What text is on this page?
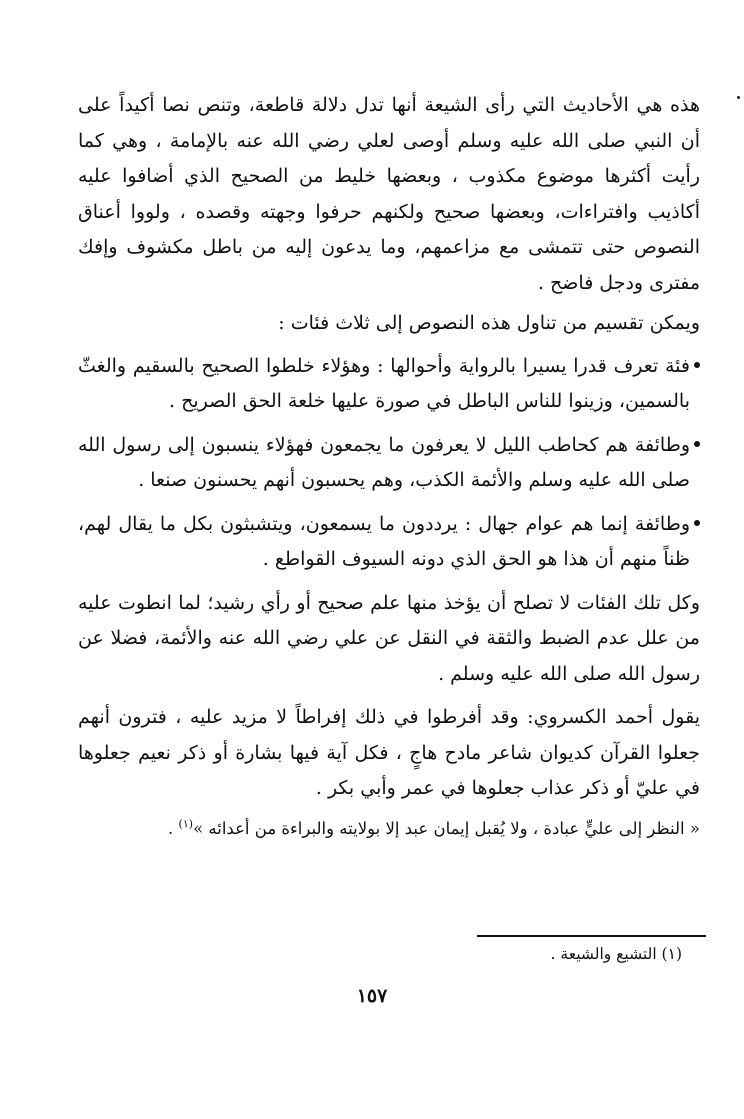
هذه هي الأحاديث التي رأى الشيعة أنها تدل دلالة قاطعة، وتنص نصا أكيداً على أن النبي صلى الله عليه وسلم أوصى لعلي رضي الله عنه بالإمامة ، وهي كما رأيت أكثرها موضوع مكذوب ، وبعضها خليط من الصحيح الذي أضافوا عليه أكاذيب وافتراءات، وبعضها صحيح ولكنهم حرفوا وجهته وقصده ، ولووا أعناق النصوص حتى تتمشى مع مزاعمهم، وما يدعون إليه من باطل مكشوف وإفك مفترى ودجل فاضح .

ويمكن تقسيم من تناول هذه النصوص إلى ثلاث فئات :

فئة تعرف قدرا يسيرا بالرواية وأحوالها : وهؤلاء خلطوا الصحيح بالسقيم والغثّ بالسمين، وزينوا للناس الباطل في صورة عليها خلعة الحق الصريح .

وطائفة هم كحاطب الليل لا يعرفون ما يجمعون فهؤلاء ينسبون إلى رسول الله صلى الله عليه وسلم والأئمة الكذب، وهم يحسبون أنهم يحسنون صنعا .

وطائفة إنما هم عوام جهال : يرددون ما يسمعون، ويتشبثون بكل ما يقال لهم، ظناً منهم أن هذا هو الحق الذي دونه السيوف القواطع .

وكل تلك الفئات لا تصلح أن يؤخذ منها علم صحيح أو رأي رشيد؛ لما انطوت عليه من علل عدم الضبط والثقة في النقل عن علي رضي الله عنه والأئمة، فضلا عن رسول الله صلى الله عليه وسلم .

يقول أحمد الكسروي: وقد أفرطوا في ذلك إفراطاً لا مزيد عليه ، فترون أنهم جعلوا القرآن كديوان شاعر مادح هاجٍ ، فكل آية فيها بشارة أو ذكر نعيم جعلوها في عليّ أو ذكر عذاب جعلوها في عمر وأبي بكر .

« النظر إلى عليٍّ عبادة ، ولا يُقبل إيمان عبد إلا بولايته والبراءة من أعدائه »$^{(١)}$ .

(١) التشيع والشيعة .
١٥٧
